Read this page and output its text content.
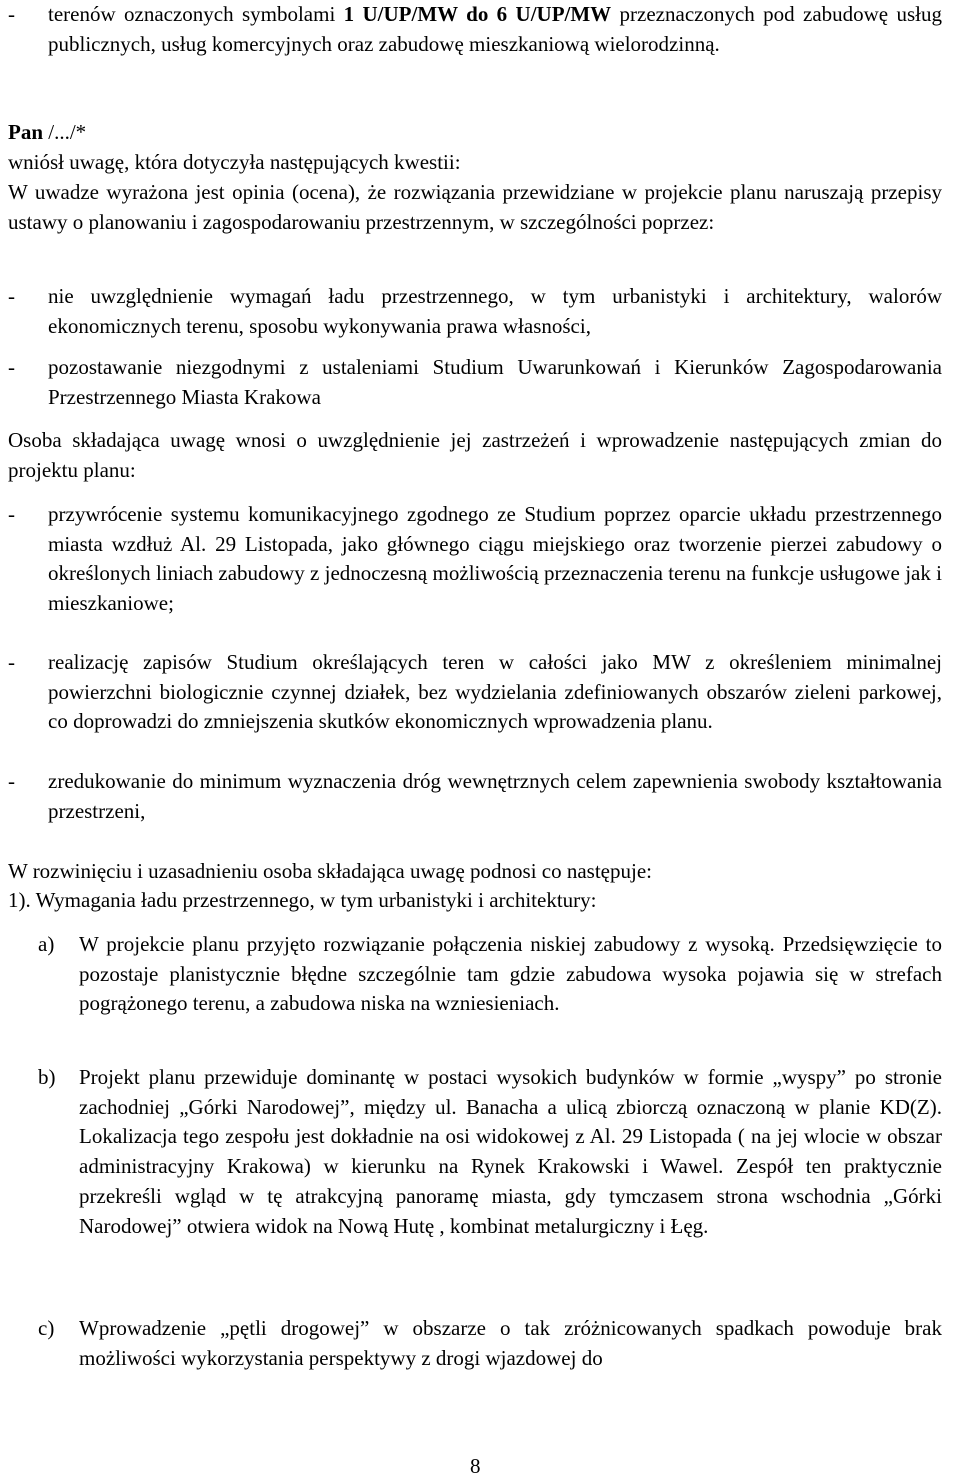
-	terenów oznaczonych symbolami 1 U/UP/MW do 6 U/UP/MW przeznaczonych pod zabudowę usług publicznych, usług komercyjnych oraz zabudowę mieszkaniową wielorodzinną.

Pan /.../*

wniósł uwagę, która dotyczyła następujących kwestii:

W uwadze wyrażona jest opinia (ocena), że rozwiązania przewidziane w projekcie planu naruszają przepisy ustawy o planowaniu i zagospodarowaniu przestrzennym, w szczególności poprzez:

-	nie uwzględnienie wymagań ładu przestrzennego, w tym urbanistyki i architektury, walorów ekonomicznych terenu, sposobu wykonywania prawa własności,

-	pozostawanie niezgodnymi z ustaleniami Studium Uwarunkowań i Kierunków Zagospodarowania Przestrzennego Miasta Krakowa

Osoba składająca uwagę wnosi o uwzględnienie jej zastrzeżeń i wprowadzenie następujących zmian do projektu planu:

-	przywrócenie systemu komunikacyjnego zgodnego ze Studium poprzez oparcie układu przestrzennego miasta wzdłuż Al. 29 Listopada, jako głównego ciągu miejskiego oraz tworzenie pierzei zabudowy o określonych liniach zabudowy z jednoczesną możliwością przeznaczenia terenu na funkcje usługowe jak i mieszkaniowe;

-	realizację zapisów Studium określających teren w całości jako MW z określeniem minimalnej powierzchni biologicznie czynnej działek, bez wydzielania zdefiniowanych obszarów zieleni parkowej, co doprowadzi do zmniejszenia skutków ekonomicznych wprowadzenia planu.

-	zredukowanie do minimum wyznaczenia dróg wewnętrznych celem zapewnienia swobody kształtowania przestrzeni,

W rozwinięciu i uzasadnieniu osoba składająca uwagę podnosi co następuje:

1). Wymagania ładu przestrzennego, w tym urbanistyki i architektury:

a) W projekcie planu przyjęto rozwiązanie połączenia niskiej zabudowy z wysoką. Przedsięwzięcie to pozostaje planistycznie błędne szczególnie tam gdzie zabudowa wysoka pojawia się w strefach pogrążonego terenu, a zabudowa niska na wzniesieniach.

b) Projekt planu przewiduje dominantę w postaci wysokich budynków w formie „wyspy” po stronie zachodniej „Górki Narodowej”, między ul. Banacha a ulicą zbiorczą oznaczoną w planie KD(Z). Lokalizacja tego zespołu jest dokładnie na osi widokowej z Al. 29 Listopada ( na jej wlocie w obszar administracyjny Krakowa) w kierunku na Rynek Krakowski i Wawel. Zespół ten praktycznie przekreśli wgląd w tę atrakcyjną panoramę miasta, gdy tymczasem strona wschodnia „Górki Narodowej” otwiera widok na Nową Hutę , kombinat metalurgiczny i Łęg.

c) Wprowadzenie „pętli drogowej” w obszarze o tak zróżnicowanych spadkach powoduje brak możliwości wykorzystania perspektywy z drogi wjazdowej do

8
